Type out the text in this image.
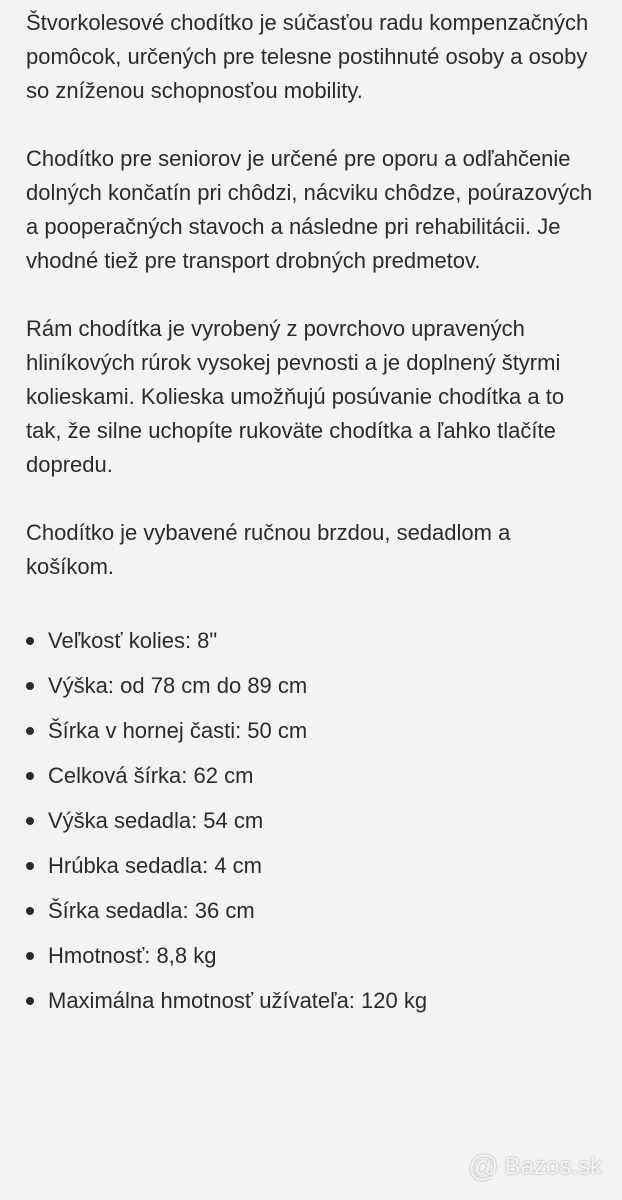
Štvorkolesové chodítko je súčasťou radu kompenzačných pomôcok, určených pre telesne postihnuté osoby a osoby so zníženou schopnosťou mobility.

Chodítko pre seniorov je určené pre oporu a odľahčenie dolných končatín pri chôdzi, nácviku chôdze, poúrazových a pooperačných stavoch a následne pri rehabilitácii. Je vhodné tiež pre transport drobných predmetov.

Rám chodítka je vyrobený z povrchovo upravených hliníkových rúrok vysokej pevnosti a je doplnený štyrmi kolieskami. Kolieska umožňujú posúvanie chodítka a to tak, že silne uchopíte rukoväte chodítka a ľahko tlačíte dopredu.

Chodítko je vybavené ručnou brzdou, sedadlom a košíkom.

Veľkosť kolies: 8"
Výška: od 78 cm do 89 cm
Šírka v hornej časti: 50 cm
Celková šírka: 62 cm
Výška sedadla: 54 cm
Hrúbka sedadla: 4 cm
Šírka sedadla: 36 cm
Hmotnosť: 8,8 kg
Maximálna hmotnosť užívateľa: 120 kg
@ Bazos.sk
